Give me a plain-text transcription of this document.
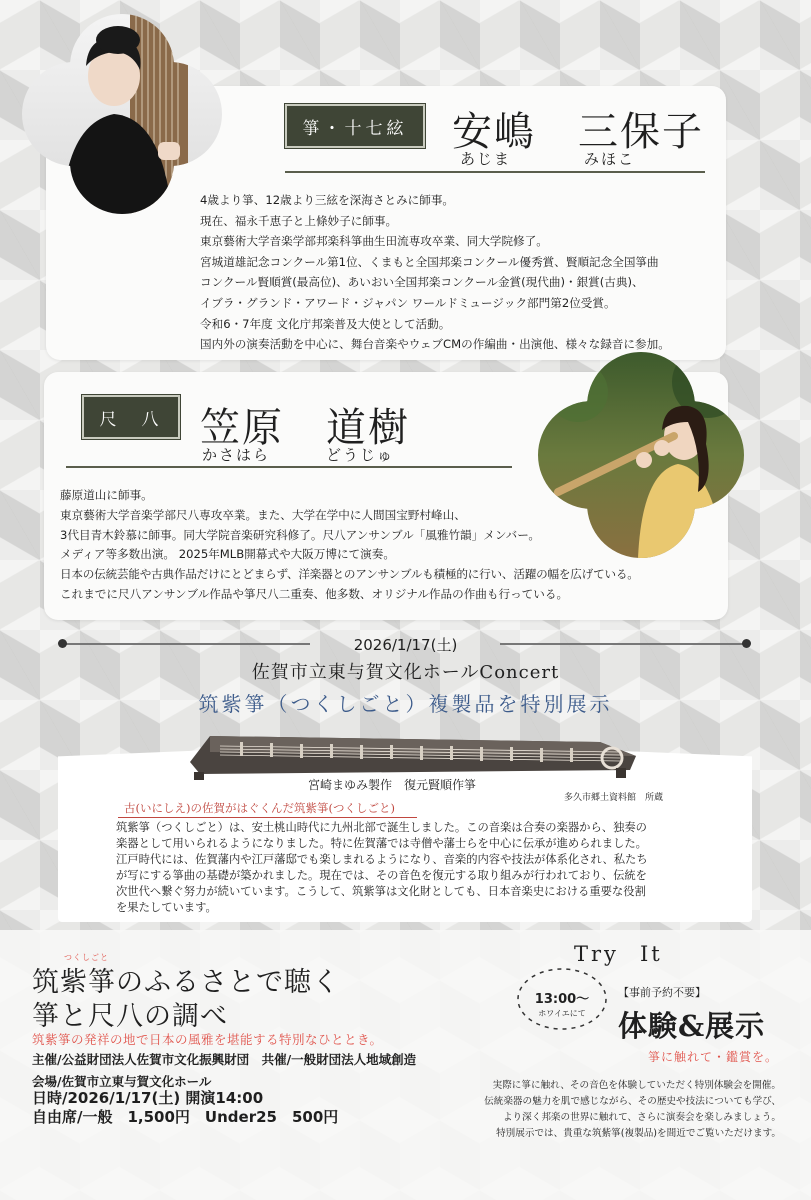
箏・十七絃	安嶋　三保子
あじま	みほこ
4歳より箏、12歳より三絃を深海さとみに師事。
現在、福永千恵子と上條妙子に師事。
東京藝術大学音楽学部邦楽科箏曲生田流専攻卒業、同大学院修了。
宮城道雄記念コンクール第1位、くまもと全国邦楽コンクール優秀賞、賢順記念全国箏曲
コンクール賢順賞(最高位)、あいおい全国邦楽コンクール金賞(現代曲)・銀賞(古典)、
イブラ・グランド・アワード・ジャパン ワールドミュージック部門第2位受賞。
令和6・7年度 文化庁邦楽普及大使として活動。
国内外の演奏活動を中心に、舞台音楽やウェブCMの作編曲・出演他、様々な録音に参加。
尺　八 笠原　道樹
かさはら	どうじゅ
藤原道山に師事。
東京藝術大学音楽学部尺八専攻卒業。また、大学在学中に人間国宝野村峰山、
3代目青木鈴慕に師事。同大学院音楽研究科修了。尺八アンサンブル「風雅竹韻」メンバー。
メディア等多数出演。 2025年MLB開幕式や大阪万博にて演奏。
日本の伝統芸能や古典作品だけにとどまらず、洋楽器とのアンサンブルも積極的に行い、活躍の幅を広げている。
これまでに尺八アンサンブル作品や箏尺八二重奏、他多数、オリジナル作品の作曲も行っている。
2026/1/17(土)
佐賀市立東与賀文化ホールConcert
筑紫箏（つくしごと）複製品を特別展示
宮崎まゆみ製作　復元賢順作箏
多久市郷土資料館　所蔵
古(いにしえ)の佐賀がはぐくんだ筑紫箏(つくしごと)
筑紫箏（つくしごと）は、安土桃山時代に九州北部で誕生しました。この音楽は合奏の楽器から、独奏の
楽器として用いられるようになりました。特に佐賀藩では寺僧や藩士らを中心に伝承が進められました。
江戸時代には、佐賀藩内や江戸藩邸でも楽しまれるようになり、音楽的内容や技法が体系化され、私たち
が写にする箏曲の基礎が築かれました。現在では、その音色を復元する取り組みが行われており、伝統を
次世代へ繋ぐ努力が続いています。こうして、筑紫箏は文化財としても、日本音楽史における重要な役割
を果たしています。
つくしごと
筑紫箏のふるさとで聴く
箏と尺八の調べ
筑紫箏の発祥の地で日本の風雅を堪能する特別なひととき。
主催/公益財団法人佐賀市文化振興財団　共催/一般財団法人地域創造
会場/佐賀市立東与賀文化ホール
日時/2026/1/17(土) 開演14:00
自由席/一般　1,500円　Under25　500円
Try It
13:00〜
ホワイエにて
【事前予約不要】
体験&展示
箏に触れて・鑑賞を。
実際に箏に触れ、その音色を体験していただく特別体験会を開催。
伝統楽器の魅力を肌で感じながら、その歴史や技法についても学び、
より深く邦楽の世界に触れて、さらに演奏会を楽しみましょう。
特別展示では、貴重な筑紫箏(複製品)を間近でご覧いただけます。
